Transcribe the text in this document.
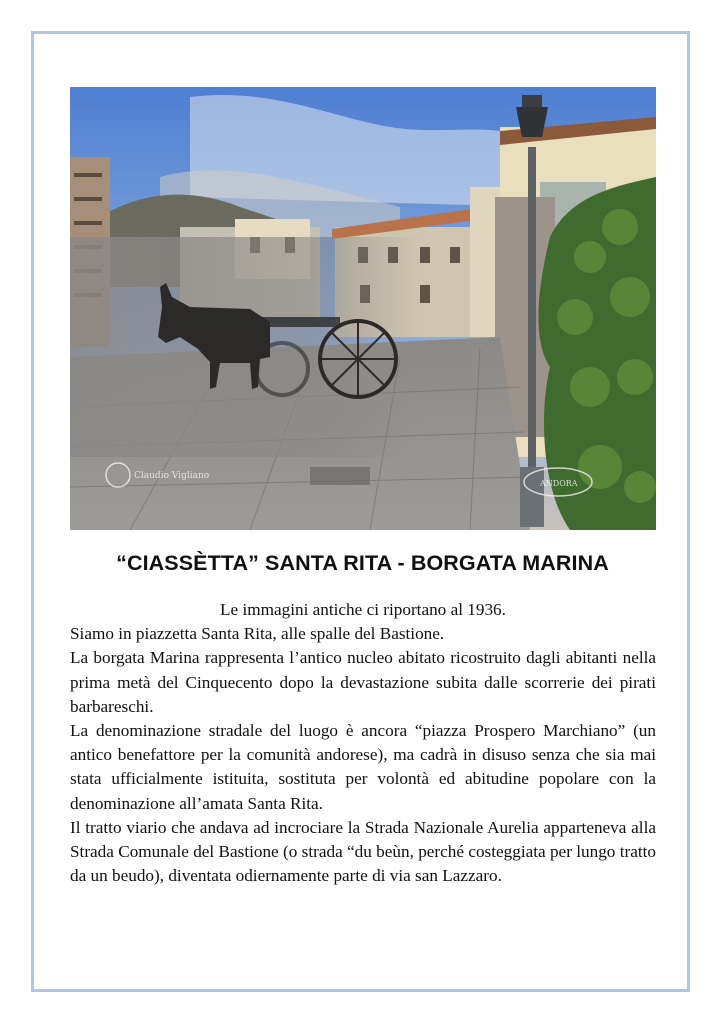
Claudio Vigliano
ANDORA
“CIASSÈTTA” SANTA RITA - BORGATA MARINA

Le immagini antiche ci riportano al 1936.

Siamo in piazzetta Santa Rita, alle spalle del Bastione.

La borgata Marina rappresenta l’antico nucleo abitato ricostruito dagli abitanti nella prima metà del Cinquecento dopo la devastazione subita dalle scorrerie dei pirati barbareschi.

La denominazione stradale del luogo è ancora “piazza Prospero Marchiano” (un antico benefattore per la comunità andorese), ma cadrà in disuso senza che sia mai stata ufficialmente istituita, sostituta per volontà ed abitudine popolare con la denominazione all’amata Santa Rita.

Il tratto viario che andava ad incrociare la Strada Nazionale Aurelia apparteneva alla Strada Comunale del Bastione (o strada “du beùn, perché costeggiata per lungo tratto da un beudo), diventata odiernamente parte di via san Lazzaro.
